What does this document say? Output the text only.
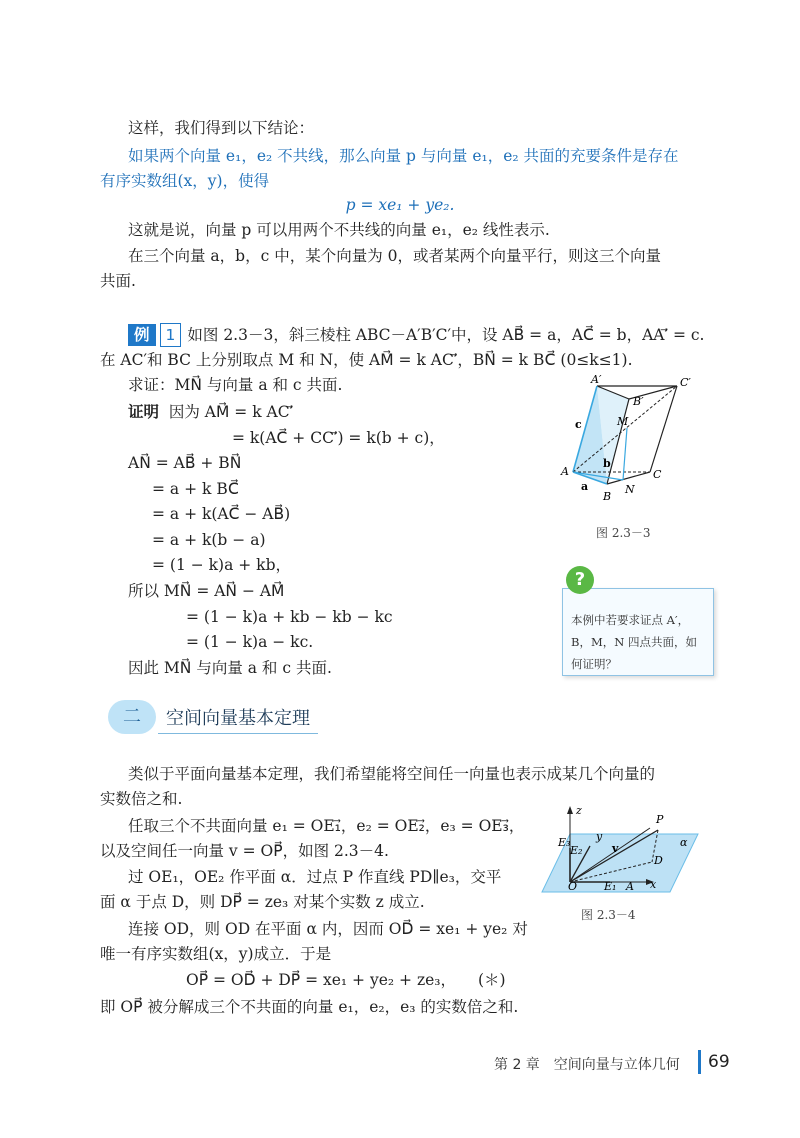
这样，我们得到以下结论：
如果两个向量 e₁，e₂ 不共线，那么向量 p 与向量 e₁，e₂ 共面的充要条件是存在
有序实数组(x，y)，使得
p = xe₁ + ye₂.
这就是说，向量 p 可以用两个不共线的向量 e₁，e₂ 线性表示.
在三个向量 a，b，c 中，某个向量为 0，或者某两个向量平行，则这三个向量
共面.
例 1 如图 2.3－3，斜三棱柱 ABC－A′B′C′中，设 AB⃗ = a，AC⃗ = b，AA′⃗ = c.
在 AC′和 BC 上分别取点 M 和 N，使 AM⃗ = k AC′⃗，BN⃗ = k BC⃗ (0≤k≤1).
求证：MN⃗ 与向量 a 和 c 共面.
证明 因为 AM⃗ = k AC′⃗
= k(AC⃗ + CC′⃗) = k(b + c)，
AN⃗ = AB⃗ + BN⃗
= a + k BC⃗
= a + k(AC⃗ − AB⃗)
= a + k(b − a)
= (1 − k)a + kb，
所以 MN⃗ = AN⃗ − AM⃗
= (1 − k)a + kb − kb − kc
= (1 − k)a − kc.
因此 MN⃗ 与向量 a 和 c 共面.
A′	C′
B′
M
c
b
A	C
a	N
B
图 2.3－3
本例中若要求证点 A′，B，M，N 四点共面，如何证明？
?
二	空间向量基本定理
类似于平面向量基本定理，我们希望能将空间任一向量也表示成某几个向量的
实数倍之和.
任取三个不共面向量 e₁ = OE₁⃗，e₂ = OE₂⃗，e₃ = OE₃⃗，
以及空间任一向量 v = OP⃗，如图 2.3－4.
过 OE₁，OE₂ 作平面 α．过点 P 作直线 PD∥e₃，交平
面 α 于点 D，则 DP⃗ = ze₃ 对某个实数 z 成立.
连接 OD，则 OD 在平面 α 内，因而 OD⃗ = xe₁ + ye₂ 对
唯一有序实数组(x，y)成立．于是
OP⃗ = OD⃗ + DP⃗ = xe₁ + ye₂ + ze₃， (＊)
即 OP⃗ 被分解成三个不共面的向量 e₁，e₂，e₃ 的实数倍之和.
z
P
α
E₃
E₂
y
v
D
O E₁ A x
图 2.3－4
第 2 章　空间向量与立体几何 69
